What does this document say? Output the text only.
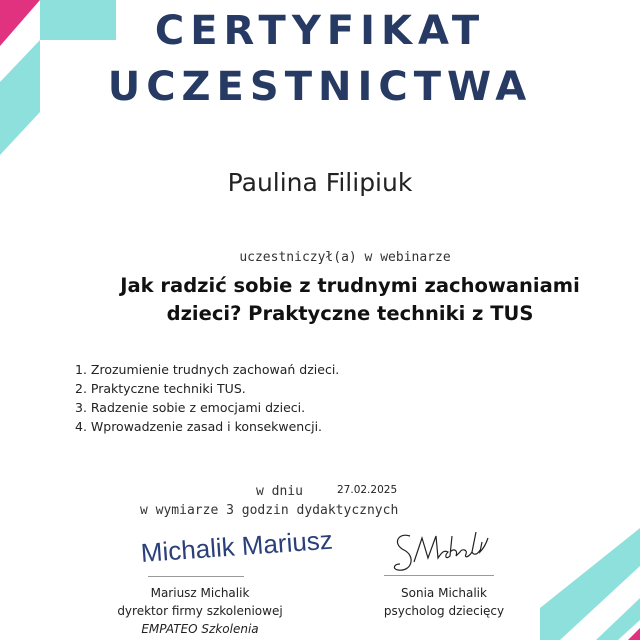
CERTYFIKAT
UCZESTNICTWA
Paulina Filipiuk
uczestniczył(a) w webinarze
Jak radzić sobie z trudnymi zachowaniami
dzieci? Praktyczne techniki z TUS
1. Zrozumienie trudnych zachowań dzieci.
2. Praktyczne techniki TUS.
3. Radzenie sobie z emocjami dzieci.
4. Wprowadzenie zasad i konsekwencji.
w dniu	27.02.2025
w wymiarze 3 godzin dydaktycznych
Michalik Mariusz
Mariusz Michalik
dyrektor firmy szkoleniowej
EMPATEO Szkolenia
Sonia Michalik
psycholog dziecięcy
